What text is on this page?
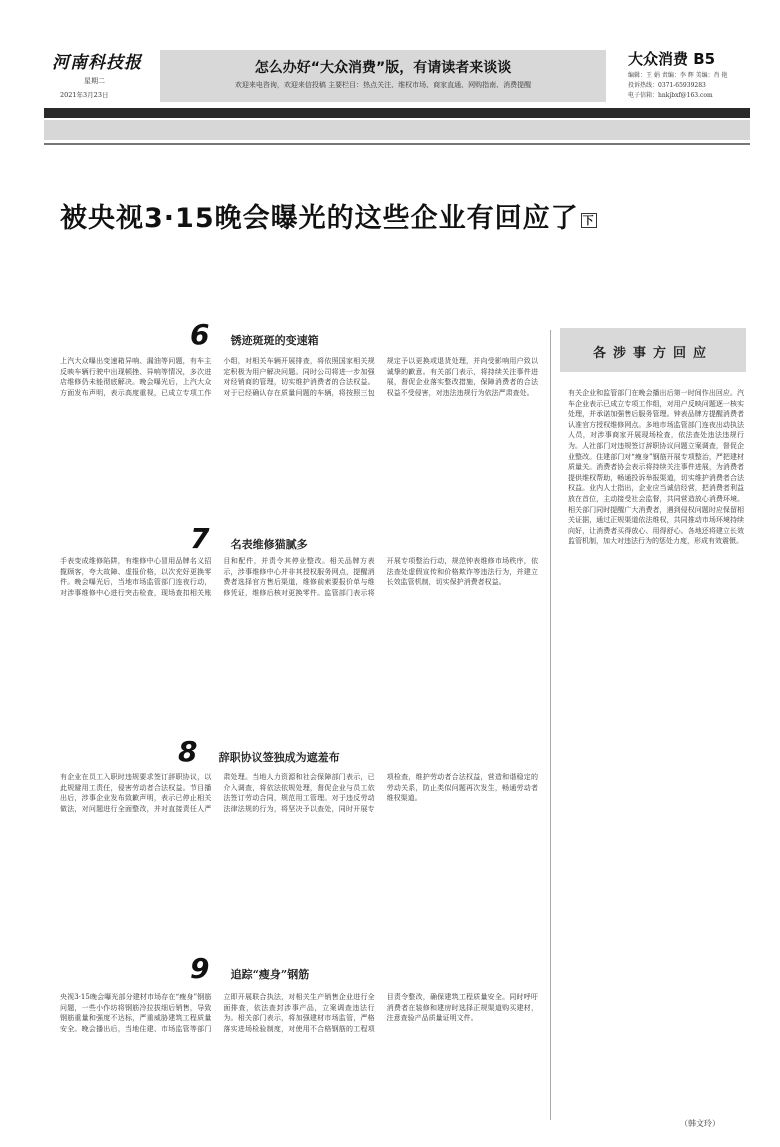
河南科技报
星期二
2021年3月23日
怎么办好“大众消费”版，有请读者来谈谈
欢迎来电咨询，欢迎来信投稿 主要栏目：热点关注、维权市场、商家直通、网购指南、消费提醒
大众消费 B5
编辑：王 娟 责编：李 辉 美编：肖 艳
投诉热线：0371-65939283
电子信箱：hnkjbxf@163.com
被央视3·15晚会曝光的这些企业有回应了 下
6 锈迹斑斑的变速箱
上汽大众曝出变速箱异响、漏油等问题，有车主反映车辆行驶中出现顿挫、异响等情况，多次进店维修仍未能彻底解决。晚会曝光后，上汽大众方面发布声明，表示高度重视，已成立专项工作小组，对相关车辆开展排查，将依照国家相关规定积极为用户解决问题。同时公司将进一步加强对经销商的管理，切实维护消费者的合法权益。对于已经确认存在质量问题的车辆，将按照三包规定予以更换或退货处理，并向受影响用户致以诚挚的歉意。有关部门表示，将持续关注事件进展，督促企业落实整改措施，保障消费者的合法权益不受侵害，对违法违规行为依法严肃查处。
7 名表维修猫腻多
手表变成维修陷阱，有维修中心冒用品牌名义招揽顾客，夸大故障、虚报价格，以次充好更换零件。晚会曝光后，当地市场监管部门连夜行动，对涉事维修中心进行突击检查，现场查扣相关账目和配件，并责令其停业整改。相关品牌方表示，涉事维修中心并非其授权服务网点，提醒消费者选择官方售后渠道，维修前索要报价单与维修凭证，维修后核对更换零件。监管部门表示将开展专项整治行动，规范钟表维修市场秩序，依法查处虚假宣传和价格欺诈等违法行为，并建立长效监管机制，切实保护消费者权益。
8 辞职协议签独成为遮羞布
有企业在员工入职时违规要求签订辞职协议，以此规避用工责任，侵害劳动者合法权益。节目播出后，涉事企业发布致歉声明，表示已停止相关做法，对问题进行全面整改，并对直接责任人严肃处理。当地人力资源和社会保障部门表示，已介入调查，将依法依规处理，督促企业与员工依法签订劳动合同，规范用工管理。对于违反劳动法律法规的行为，将坚决予以查处，同时开展专项检查，维护劳动者合法权益，营造和谐稳定的劳动关系，防止类似问题再次发生，畅通劳动者维权渠道。
9 追踪“瘦身”钢筋
央视3·15晚会曝光部分建材市场存在“瘦身”钢筋问题，一些小作坊将钢筋冷拉拔细后销售，导致钢筋重量和强度不达标，严重威胁建筑工程质量安全。晚会播出后，当地住建、市场监管等部门立即开展联合执法，对相关生产销售企业进行全面排查，依法查封涉事产品，立案调查违法行为。相关部门表示，将加强建材市场监管，严格落实进场检验制度，对使用不合格钢筋的工程项目责令整改，确保建筑工程质量安全。同时呼吁消费者在装修和建房时选择正规渠道购买建材，注意查验产品质量证明文件。
各涉事方回应
有关企业和监管部门在晚会播出后第一时间作出回应。汽车企业表示已成立专项工作组，对用户反映问题逐一核实处理，并承诺加强售后服务管理。钟表品牌方提醒消费者认准官方授权维修网点。多地市场监管部门连夜出动执法人员，对涉事商家开展现场检查，依法查处违法违规行为。人社部门对违规签订辞职协议问题立案调查，督促企业整改。住建部门对“瘦身”钢筋开展专项整治，严把建材质量关。消费者协会表示将持续关注事件进展，为消费者提供维权帮助，畅通投诉举报渠道，切实维护消费者合法权益。业内人士指出，企业应当诚信经营，把消费者利益放在首位，主动接受社会监督，共同营造放心消费环境。相关部门同时提醒广大消费者，遇到侵权问题时应保留相关证据，通过正规渠道依法维权，共同推动市场环境持续向好，让消费者买得放心、用得舒心。各地还将建立长效监管机制，加大对违法行为的惩处力度，形成有效震慑。
（韩文玲）
